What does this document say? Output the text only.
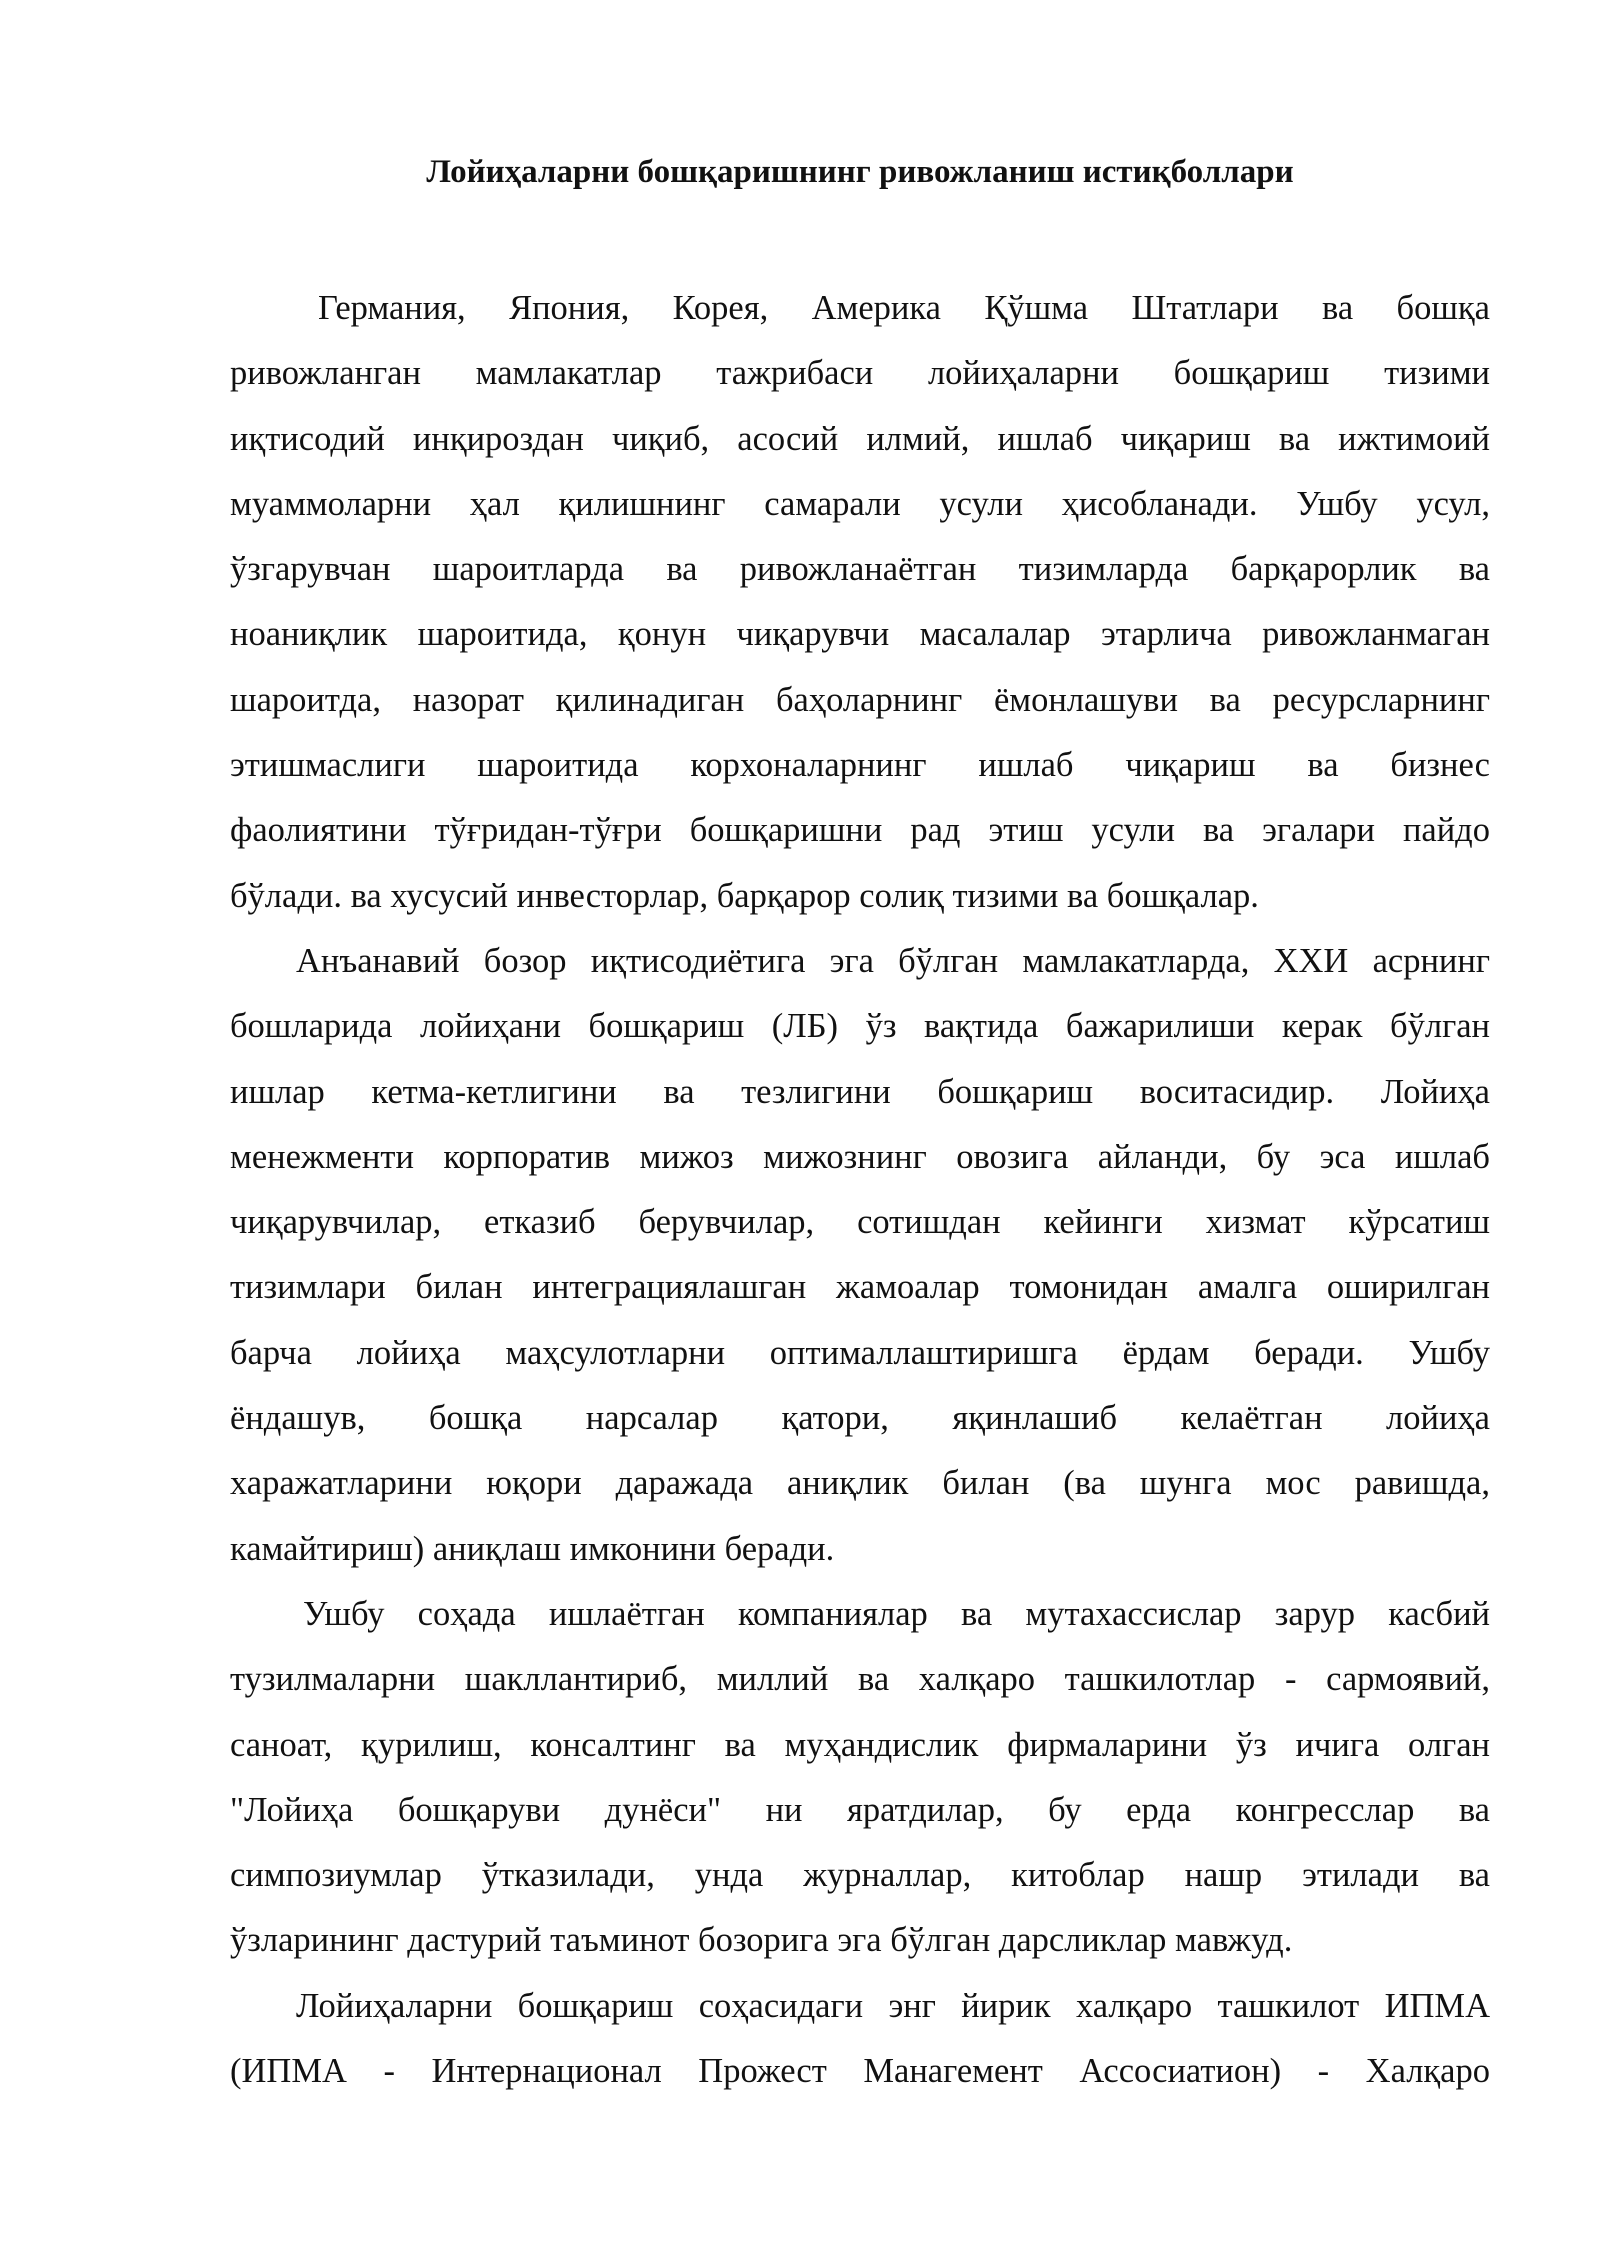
Лойиҳаларни бошқаришнинг ривожланиш истиқболлари
Германия, Япония, Корея, Америка Қўшма Штатлари ва бошқа
ривожланган мамлакатлар тажрибаси лойиҳаларни бошқариш тизими
иқтисодий инқироздан чиқиб, асосий илмий, ишлаб чиқариш ва ижтимоий
муаммоларни ҳал қилишнинг самарали усули ҳисобланади. Ушбу усул,
ўзгарувчан шароитларда ва ривожланаётган тизимларда барқарорлик ва
ноаниқлик шароитида, қонун чиқарувчи масалалар этарлича ривожланмаган
шароитда, назорат қилинадиган баҳоларнинг ёмонлашуви ва ресурсларнинг
этишмаслиги шароитида корхоналарнинг ишлаб чиқариш ва бизнес
фаолиятини тўғридан-тўғри бошқаришни рад этиш усули ва эгалари пайдо
бўлади. ва хусусий инвесторлар, барқарор солиқ тизими ва бошқалар.
Анъанавий бозор иқтисодиётига эга бўлган мамлакатларда, ХХИ асрнинг
бошларида лойиҳани бошқариш (ЛБ) ўз вақтида бажарилиши керак бўлган
ишлар кетма-кетлигини ва тезлигини бошқариш воситасидир. Лойиҳа
менежменти корпоратив мижоз мижознинг овозига айланди, бу эса ишлаб
чиқарувчилар, етказиб берувчилар, сотишдан кейинги хизмат кўрсатиш
тизимлари билан интеграциялашган жамоалар томонидан амалга оширилган
барча лойиҳа маҳсулотларни оптималлаштиришга ёрдам беради. Ушбу
ёндашув, бошқа нарсалар қатори, яқинлашиб келаётган лойиҳа
харажатларини юқори даражада аниқлик билан (ва шунга мос равишда,
камайтириш) аниқлаш имконини беради.
Ушбу соҳада ишлаётган компаниялар ва мутахассислар зарур касбий
тузилмаларни шакллантириб, миллий ва халқаро ташкилотлар - сармоявий,
саноат, қурилиш, консалтинг ва муҳандислик фирмаларини ўз ичига олган
"Лойиҳа бошқаруви дунёси" ни яратдилар, бу ерда конгресслар ва
симпозиумлар ўтказилади, унда журналлар, китоблар нашр этилади ва
ўзларининг дастурий таъминот бозорига эга бўлган дарсликлар мавжуд.
Лойиҳаларни бошқариш соҳасидаги энг йирик халқаро ташкилот ИПМА
(ИПМА - Интернационал Прожест Манагемент Ассосиатион) - Халқаро
